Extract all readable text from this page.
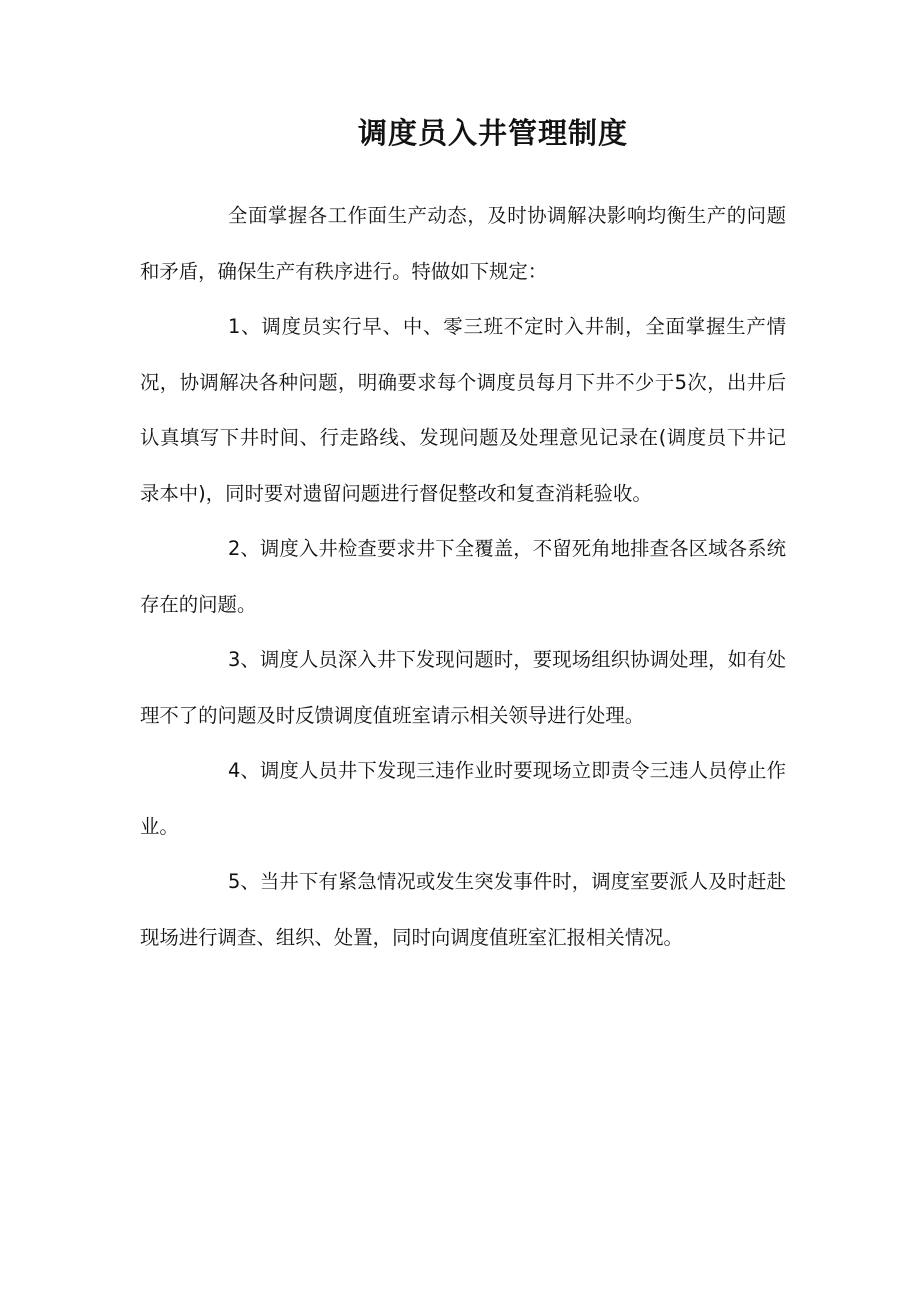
调度员入井管理制度

全面掌握各工作面生产动态，及时协调解决影响均衡生产的问题和矛盾，确保生产有秩序进行。特做如下规定：

1、调度员实行早、中、零三班不定时入井制，全面掌握生产情况，协调解决各种问题，明确要求每个调度员每月下井不少于5次，出井后认真填写下井时间、行走路线、发现问题及处理意见记录在(调度员下井记录本中)，同时要对遗留问题进行督促整改和复查消耗验收。

2、调度入井检查要求井下全覆盖，不留死角地排查各区域各系统存在的问题。

3、调度人员深入井下发现问题时，要现场组织协调处理，如有处理不了的问题及时反馈调度值班室请示相关领导进行处理。

4、调度人员井下发现三违作业时要现场立即责令三违人员停止作业。

5、当井下有紧急情况或发生突发事件时，调度室要派人及时赶赴现场进行调查、组织、处置，同时向调度值班室汇报相关情况。
